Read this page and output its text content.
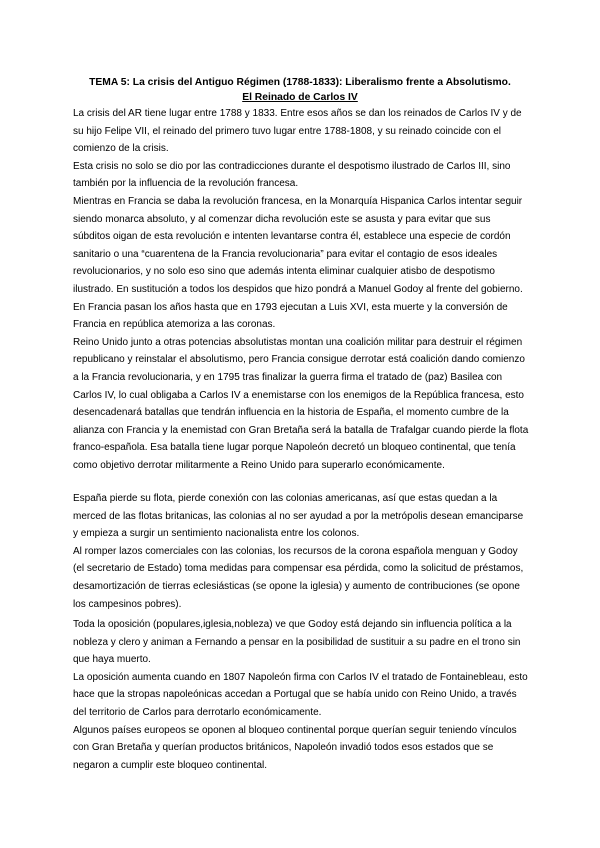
TEMA 5: La crisis del Antiguo Régimen (1788-1833): Liberalismo frente a Absolutismo.
El Reinado de Carlos IV

La crisis del AR tiene lugar entre 1788 y 1833. Entre esos años se dan los reinados de Carlos IV y de su hijo Felipe VII, el reinado del primero tuvo lugar entre 1788-1808, y su reinado coincide con el comienzo de la crisis.

Esta crisis no solo se dio por las contradicciones durante el despotismo ilustrado de Carlos III, sino también por la influencia de la revolución francesa.

Mientras en Francia se daba la revolución francesa, en la Monarquía Hispanica Carlos intentar seguir siendo monarca absoluto, y al comenzar dicha revolución este se asusta y para evitar que sus súbditos oigan de esta revolución e intenten levantarse contra él, establece una especie de cordón sanitario o una “cuarentena de la Francia revolucionaria” para evitar el contagio de esos ideales revolucionarios, y no solo eso sino que además intenta eliminar cualquier atisbo de despotismo ilustrado. En sustitución a todos los despidos que hizo pondrá a Manuel Godoy al frente del gobierno.

En Francia pasan los años hasta que en 1793 ejecutan a Luis XVI, esta muerte y la conversión de Francia en república atemoriza a las coronas.

Reino Unido junto a otras potencias absolutistas montan una coalición militar para destruir el régimen republicano y reinstalar el absolutismo, pero Francia consigue derrotar está coalición dando comienzo a la Francia revolucionaria, y en 1795 tras finalizar la guerra firma el tratado de (paz) Basilea con Carlos IV, lo cual obligaba a Carlos IV a enemistarse con los enemigos de la República francesa, esto desencadenará batallas que tendrán influencia en la historia de España, el momento cumbre de la alianza con Francia y la enemistad con Gran Bretaña será la batalla de Trafalgar cuando pierde la flota franco-española. Esa batalla tiene lugar porque Napoleón decretó un bloqueo continental, que tenía como objetivo derrotar militarmente a Reino Unido para superarlo económicamente.

España pierde su flota, pierde conexión con las colonias americanas, así que estas quedan a la merced de las flotas britanicas, las colonias al no ser ayudad a por la metrópolis desean emanciparse y empieza a surgir un sentimiento nacionalista entre los colonos.

Al romper lazos comerciales con las colonias, los recursos de la corona española menguan y Godoy (el secretario de Estado) toma medidas para compensar esa pérdida, como la solicitud de préstamos, desamortización de tierras eclesiásticas (se opone la iglesia) y aumento de contribuciones (se opone los campesinos pobres).

Toda la oposición (populares,iglesia,nobleza) ve que Godoy está dejando sin influencia política a la nobleza y clero y animan a Fernando a pensar en la posibilidad de sustituir a su padre en el trono sin que haya muerto.

La oposición aumenta cuando en 1807 Napoleón firma con Carlos IV el tratado de Fontainebleau, esto hace que la stropas napoleónicas accedan a Portugal que se había unido con Reino Unido, a través del territorio de Carlos para derrotarlo económicamente.

Algunos países europeos se oponen al bloqueo continental porque querían seguir teniendo vínculos con Gran Bretaña y querían productos británicos, Napoleón invadió todos esos estados que se negaron a cumplir este bloqueo continental.
